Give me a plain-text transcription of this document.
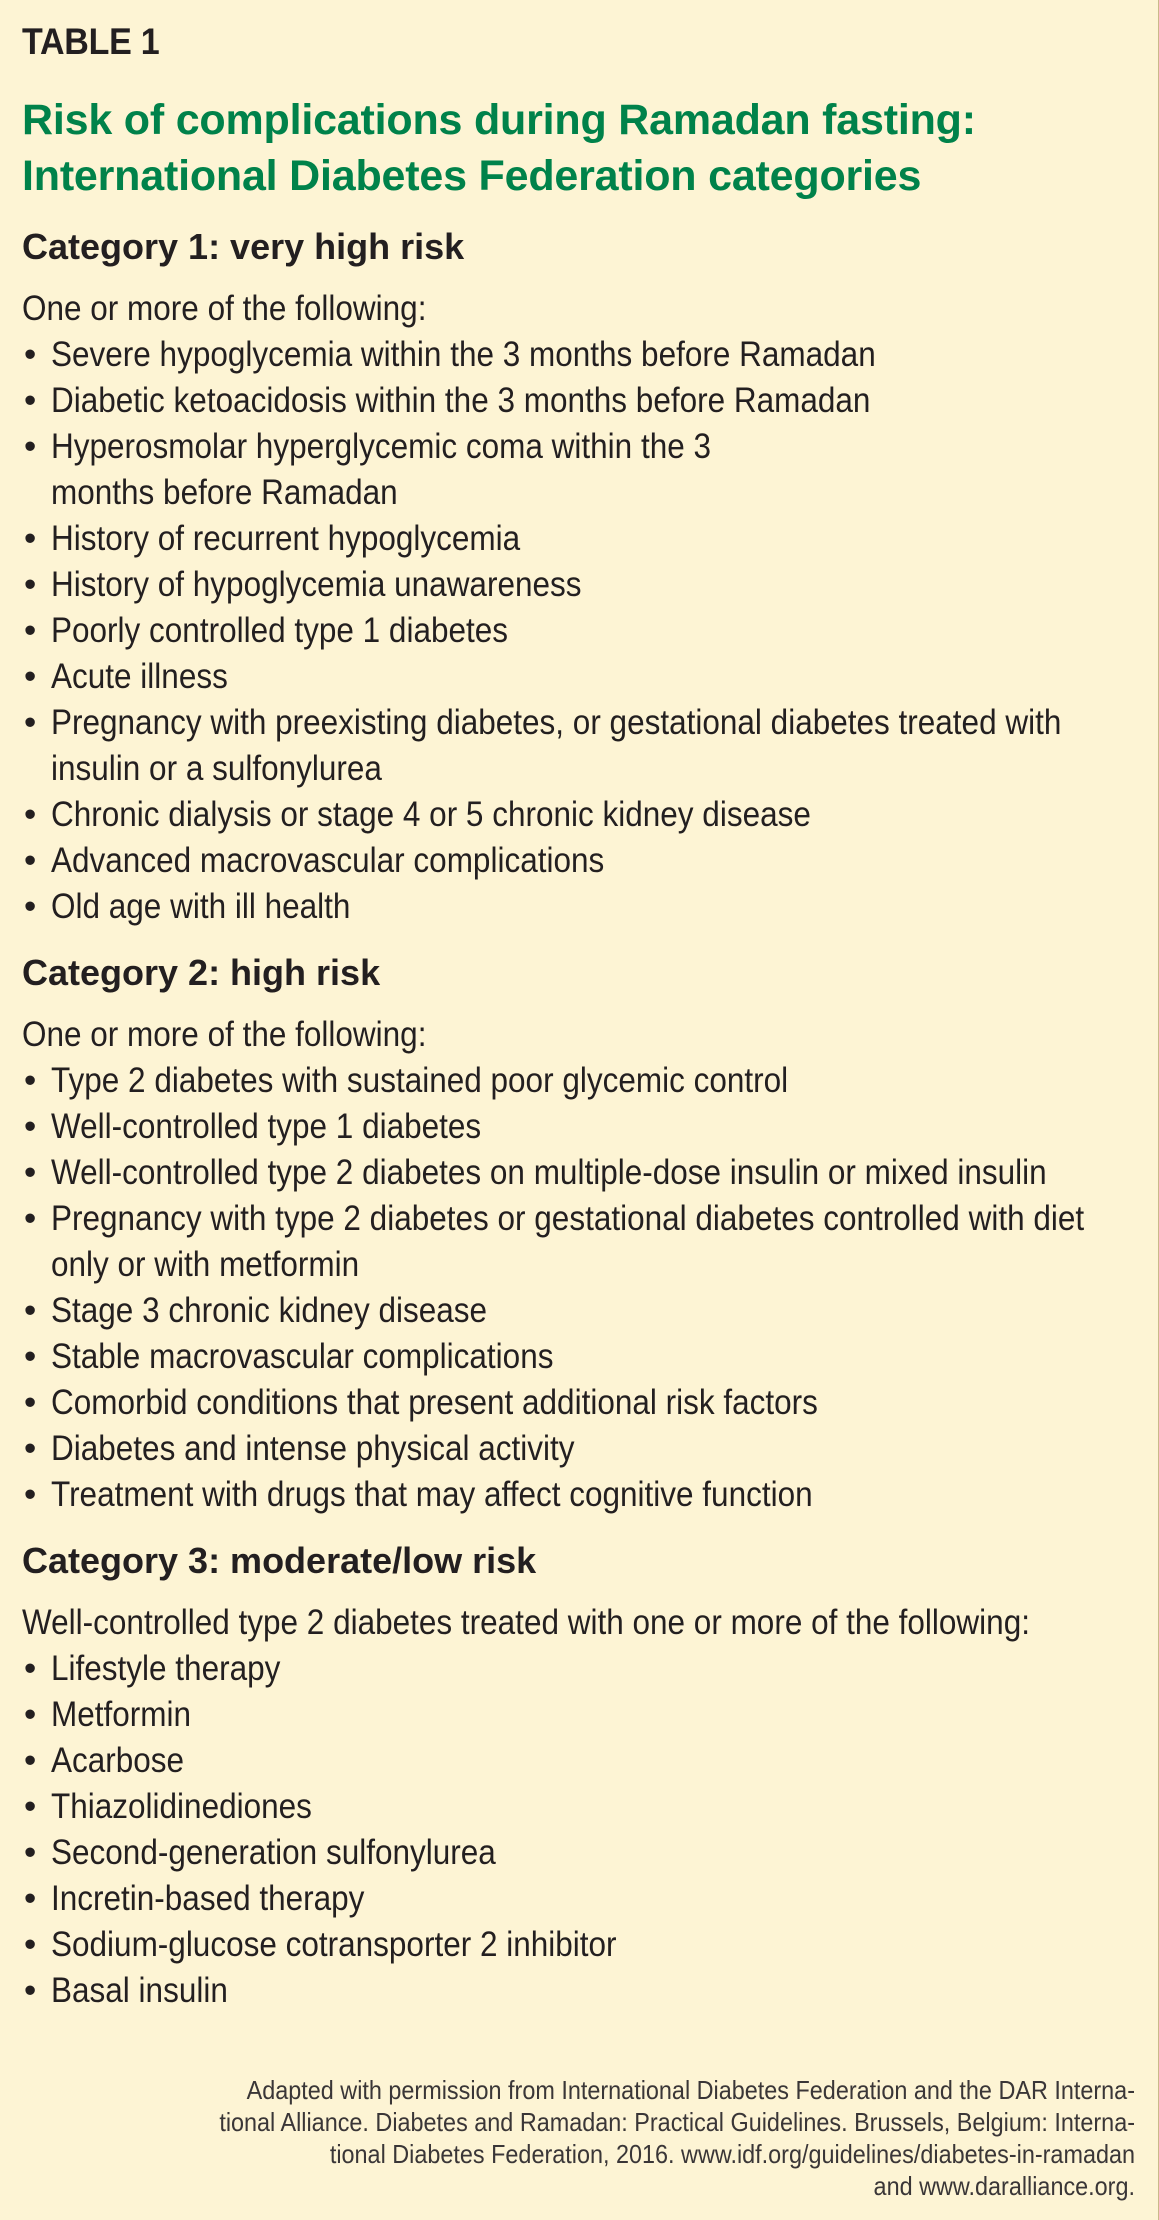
TABLE 1

Risk of complications during Ramadan fasting:
International Diabetes Federation categories
Category 1: very high risk

One or more of the following:

• Severe hypoglycemia within the 3 months before Ramadan
• Diabetic ketoacidosis within the 3 months before Ramadan
• Hyperosmolar hyperglycemic coma within the 3 months before Ramadan
• History of recurrent hypoglycemia
• History of hypoglycemia unawareness
• Poorly controlled type 1 diabetes
• Acute illness
• Pregnancy with preexisting diabetes, or gestational diabetes treated with insulin or a sulfonylurea
• Chronic dialysis or stage 4 or 5 chronic kidney disease
• Advanced macrovascular complications
• Old age with ill health
Category 2: high risk

One or more of the following:

• Type 2 diabetes with sustained poor glycemic control
• Well-controlled type 1 diabetes
• Well-controlled type 2 diabetes on multiple-dose insulin or mixed insulin
• Pregnancy with type 2 diabetes or gestational diabetes controlled with diet only or with metformin
• Stage 3 chronic kidney disease
• Stable macrovascular complications
• Comorbid conditions that present additional risk factors
• Diabetes and intense physical activity
• Treatment with drugs that may affect cognitive function
Category 3: moderate/low risk

Well-controlled type 2 diabetes treated with one or more of the following:

• Lifestyle therapy
• Metformin
• Acarbose
• Thiazolidinediones
• Second-generation sulfonylurea
• Incretin-based therapy
• Sodium-glucose cotransporter 2 inhibitor
• Basal insulin
Adapted with permission from International Diabetes Federation and the DAR Interna-
tional Alliance. Diabetes and Ramadan: Practical Guidelines. Brussels, Belgium: Interna-
tional Diabetes Federation, 2016. www.idf.org/guidelines/diabetes-in-ramadan
and www.daralliance.org.
